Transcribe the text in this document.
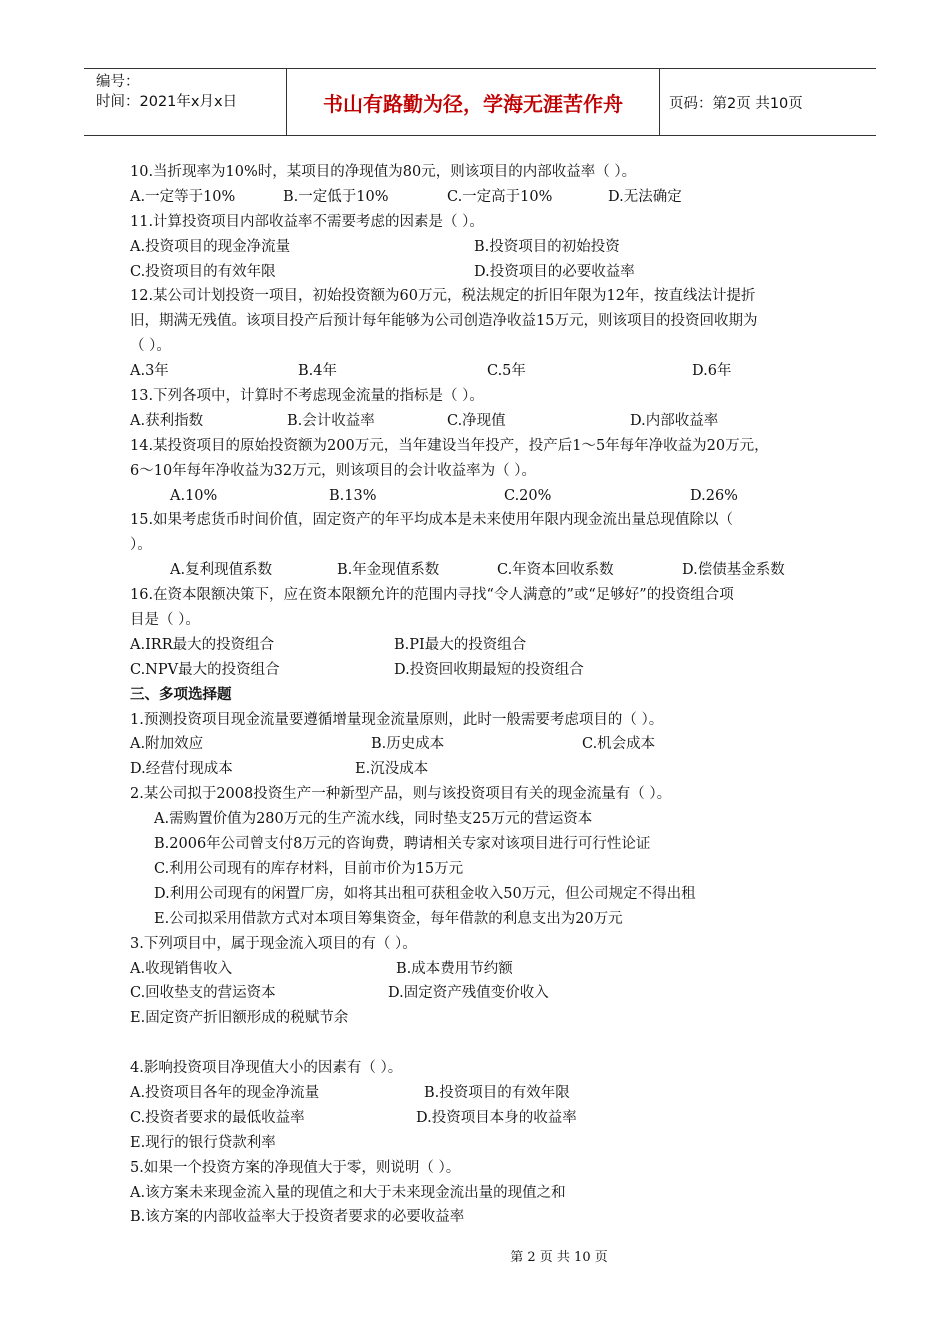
编号：
时间：2021年x月x日	书山有路勤为径，学海无涯苦作舟	页码：第2页 共10页
10.当折现率为10%时，某项目的净现值为80元，则该项目的内部收益率（ ）。
A.一定等于10%	B.一定低于10%	C.一定高于10%	D.无法确定
11.计算投资项目内部收益率不需要考虑的因素是（ ）。
A.投资项目的现金净流量	B.投资项目的初始投资
C.投资项目的有效年限	D.投资项目的必要收益率
12.某公司计划投资一项目，初始投资额为60万元，税法规定的折旧年限为12年，按直线法计提折
旧，期满无残值。该项目投产后预计每年能够为公司创造净收益15万元，则该项目的投资回收期为
（ ）。
A.3年	B.4年	C.5年	D.6年
13.下列各项中，计算时不考虑现金流量的指标是（ ）。
A.获利指数	B.会计收益率	C.净现值	D.内部收益率
14.某投资项目的原始投资额为200万元，当年建设当年投产，投产后1～5年每年净收益为20万元，
6～10年每年净收益为32万元，则该项目的会计收益率为（ ）。
A.10%	B.13%	C.20%	D.26%
15.如果考虑货币时间价值，固定资产的年平均成本是未来使用年限内现金流出量总现值除以（
）。
A.复利现值系数	B.年金现值系数	C.年资本回收系数	D.偿债基金系数
16.在资本限额决策下，应在资本限额允许的范围内寻找“令人满意的”或“足够好”的投资组合项
目是（ ）。
A.IRR最大的投资组合	B.PI最大的投资组合
C.NPV最大的投资组合	D.投资回收期最短的投资组合
三、多项选择题
1.预测投资项目现金流量要遵循增量现金流量原则，此时一般需要考虑项目的（ ）。
A.附加效应	B.历史成本	C.机会成本
D.经营付现成本	E.沉没成本
2.某公司拟于2008投资生产一种新型产品，则与该投资项目有关的现金流量有（ ）。
A.需购置价值为280万元的生产流水线，同时垫支25万元的营运资本
B.2006年公司曾支付8万元的咨询费，聘请相关专家对该项目进行可行性论证
C.利用公司现有的库存材料，目前市价为15万元
D.利用公司现有的闲置厂房，如将其出租可获租金收入50万元，但公司规定不得出租
E.公司拟采用借款方式对本项目筹集资金，每年借款的利息支出为20万元
3.下列项目中，属于现金流入项目的有（ ）。
A.收现销售收入	B.成本费用节约额
C.回收垫支的营运资本	D.固定资产残值变价收入
E.固定资产折旧额形成的税赋节余
4.影响投资项目净现值大小的因素有（ ）。
A.投资项目各年的现金净流量	B.投资项目的有效年限
C.投资者要求的最低收益率	D.投资项目本身的收益率
E.现行的银行贷款利率
5.如果一个投资方案的净现值大于零，则说明（ ）。
A.该方案未来现金流入量的现值之和大于未来现金流出量的现值之和
B.该方案的内部收益率大于投资者要求的必要收益率
第 2 页 共 10 页
